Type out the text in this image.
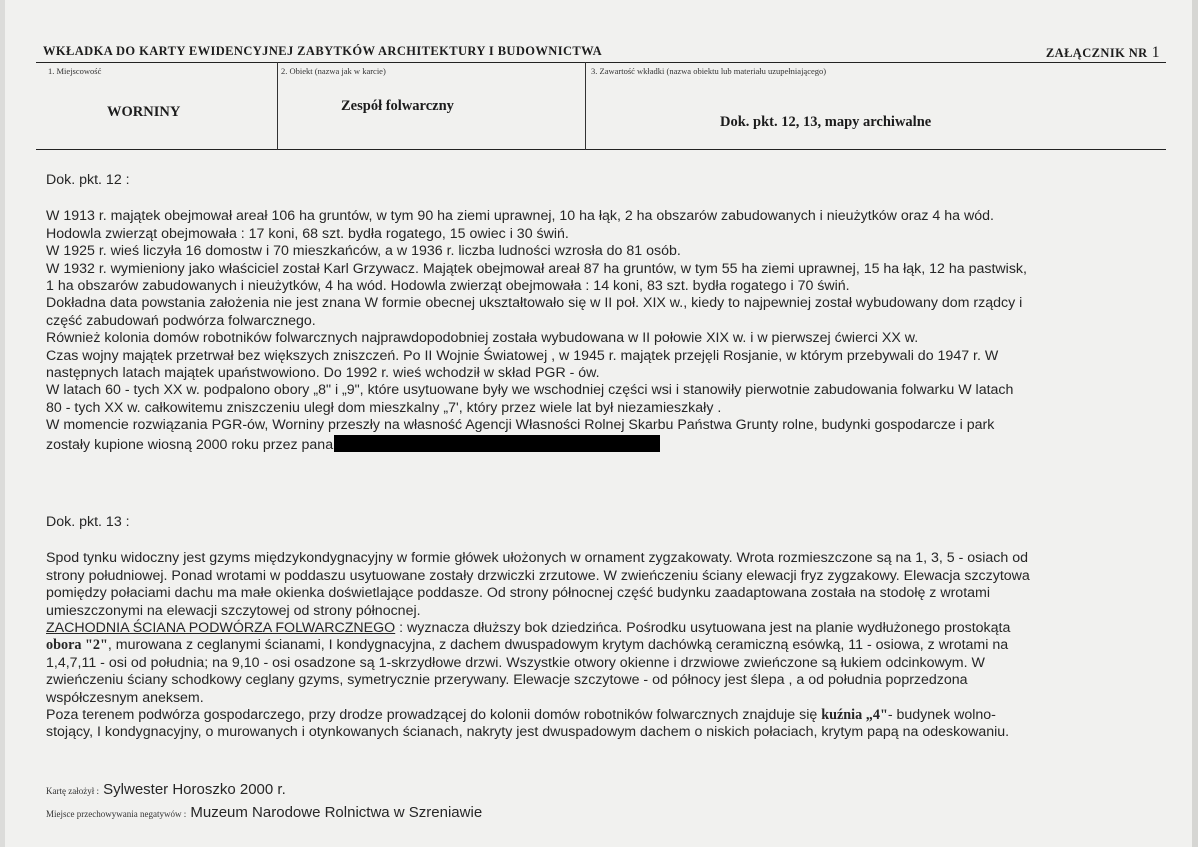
WKŁADKA DO KARTY EWIDENCYJNEJ ZABYTKÓW ARCHITEKTURY I BUDOWNICTWA	ZAŁĄCZNIK NR 1
1. Miejscowość
WORNINY
2. Obiekt (nazwa jak w karcie)
Zespół folwarczny
3. Zawartość wkładki (nazwa obiektu lub materiału uzupełniającego)
Dok. pkt. 12, 13, mapy archiwalne

Dok. pkt. 12 :

W 1913 r. majątek obejmował areał 106 ha gruntów, w tym 90 ha ziemi uprawnej, 10 ha łąk, 2 ha obszarów zabudowanych i nieużytków oraz 4 ha wód.

Hodowla zwierząt obejmowała : 17 koni, 68 szt. bydła rogatego, 15 owiec i 30 świń.

W 1925 r. wieś liczyła 16 domostw i 70 mieszkańców, a w 1936 r. liczba ludności wzrosła do 81 osób.

W 1932 r. wymieniony jako właściciel został Karl Grzywacz. Majątek obejmował areał 87 ha gruntów, w tym 55 ha ziemi uprawnej, 15 ha łąk, 12 ha pastwisk,

1 ha obszarów zabudowanych i nieużytków, 4 ha wód. Hodowla zwierząt obejmowała : 14 koni, 83 szt. bydła rogatego i 70 świń.

Dokładna data powstania założenia nie jest znana W formie obecnej ukształtowało się w II poł. XIX w., kiedy to najpewniej został wybudowany dom rządcy i

część zabudowań podwórza folwarcznego.

Również kolonia domów robotników folwarcznych najprawdopodobniej została wybudowana w II połowie XIX w. i w pierwszej ćwierci XX w.

Czas wojny majątek przetrwał bez większych zniszczeń. Po II Wojnie Światowej , w 1945 r. majątek przejęli Rosjanie, w którym przebywali do 1947 r. W

następnych latach majątek upaństwowiono. Do 1992 r. wieś wchodził w skład PGR - ów.

W latach 60 - tych XX w. podpalono obory „8" i „9", które usytuowane były we wschodniej części wsi i stanowiły pierwotnie zabudowania folwarku W latach

80 - tych XX w. całkowitemu zniszczeniu uległ dom mieszkalny „7', który przez wiele lat był niezamieszkały .

W momencie rozwiązania PGR-ów, Worniny przeszły na własność Agencji Własności Rolnej Skarbu Państwa Grunty rolne, budynki gospodarcze i park

zostały kupione wiosną 2000 roku przez pana

Dok. pkt. 13 :

Spod tynku widoczny jest gzyms międzykondygnacyjny w formie główek ułożonych w ornament zygzakowaty. Wrota rozmieszczone są na 1, 3, 5 - osiach od

strony południowej. Ponad wrotami w poddaszu usytuowane zostały drzwiczki zrzutowe. W zwieńczeniu ściany elewacji fryz zygzakowy. Elewacja szczytowa

pomiędzy połaciami dachu ma małe okienka doświetlające poddasze. Od strony północnej część budynku zaadaptowana została na stodołę z wrotami

umieszczonymi na elewacji szczytowej od strony północnej.

ZACHODNIA ŚCIANA PODWÓRZA FOLWARCZNEGO : wyznacza dłuższy bok dziedzińca. Pośrodku usytuowana jest na planie wydłużonego prostokąta

obora "2", murowana z ceglanymi ścianami, I kondygnacyjna, z dachem dwuspadowym krytym dachówką ceramiczną esówką, 11 - osiowa, z wrotami na

1,4,7,11 - osi od południa; na 9,10 - osi osadzone są 1-skrzydłowe drzwi. Wszystkie otwory okienne i drzwiowe zwieńczone są łukiem odcinkowym. W

zwieńczeniu ściany schodkowy ceglany gzyms, symetrycznie przerywany. Elewacje szczytowe - od północy jest ślepa , a od południa poprzedzona

współczesnym aneksem.

Poza terenem podwórza gospodarczego, przy drodze prowadzącej do kolonii domów robotników folwarcznych znajduje się kuźnia „4"- budynek wolno-

stojący, I kondygnacyjny, o murowanych i otynkowanych ścianach, nakryty jest dwuspadowym dachem o niskich połaciach, krytym papą na odeskowaniu.

Kartę założył : Sylwester Horoszko 2000 r.
Miejsce przechowywania negatywów : Muzeum Narodowe Rolnictwa w Szreniawie
